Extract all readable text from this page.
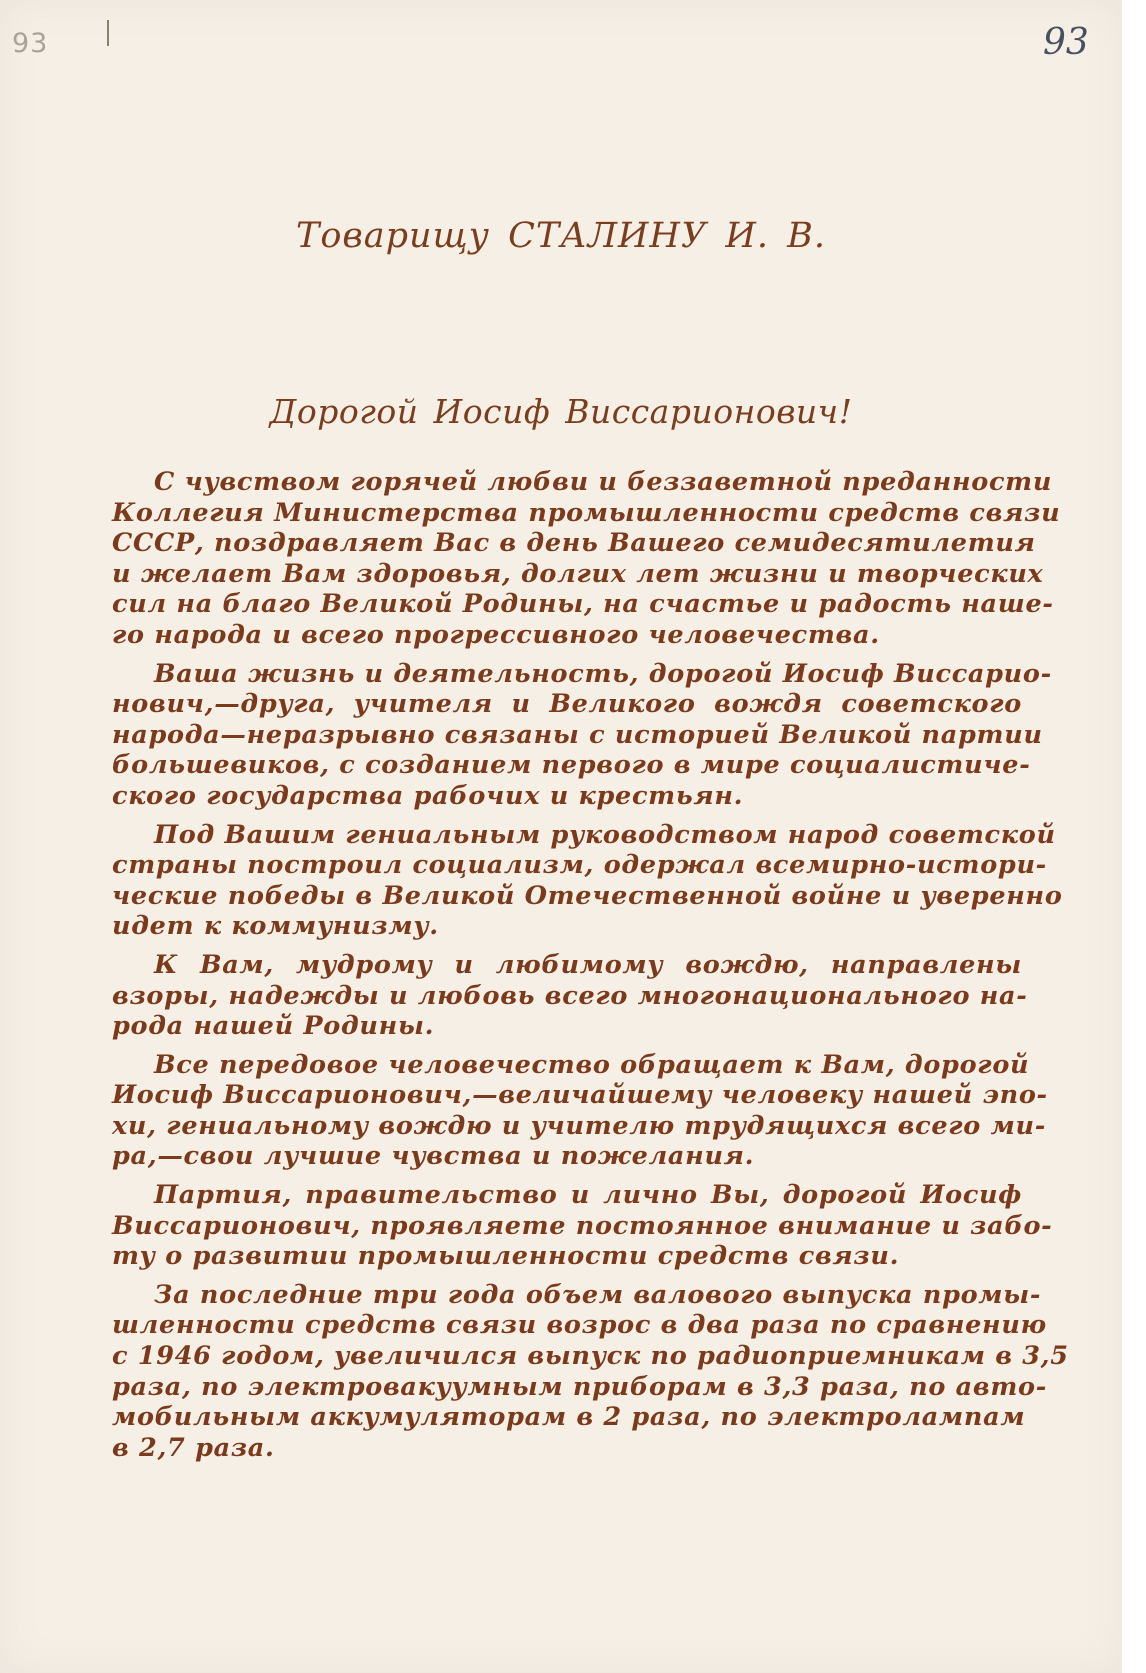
93	93
Товарищу СТАЛИНУ И. В.
Дорогой Иосиф Виссарионович!
С чувством горячей любви и беззаветной преданности
Коллегия Министерства промышленности средств связи
СССР, поздравляет Вас в день Вашего семидесятилетия
и желает Вам здоровья, долгих лет жизни и творческих
сил на благо Великой Родины, на счастье и радость наше-
го народа и всего прогрессивного человечества.
Ваша жизнь и деятельность, дорогой Иосиф Виссарио-
нович,—друга, учителя и Великого вождя советского
народа—неразрывно связаны с историей Великой партии
большевиков, с созданием первого в мире социалистиче-
ского государства рабочих и крестьян.
Под Вашим гениальным руководством народ советской
страны построил социализм, одержал всемирно-истори-
ческие победы в Великой Отечественной войне и уверенно
идет к коммунизму.
К Вам, мудрому и любимому вождю, направлены
взоры, надежды и любовь всего многонационального на-
рода нашей Родины.
Все передовое человечество обращает к Вам, дорогой
Иосиф Виссарионович,—величайшему человеку нашей эпо-
хи, гениальному вождю и учителю трудящихся всего ми-
ра,—свои лучшие чувства и пожелания.
Партия, правительство и лично Вы, дорогой Иосиф
Виссарионович, проявляете постоянное внимание и забо-
ту о развитии промышленности средств связи.
За последние три года объем валового выпуска промы-
шленности средств связи возрос в два раза по сравнению
с 1946 годом, увеличился выпуск по радиоприемникам в 3,5
раза, по электровакуумным приборам в 3,3 раза, по авто-
мобильным аккумуляторам в 2 раза, по электролампам
в 2,7 раза.
